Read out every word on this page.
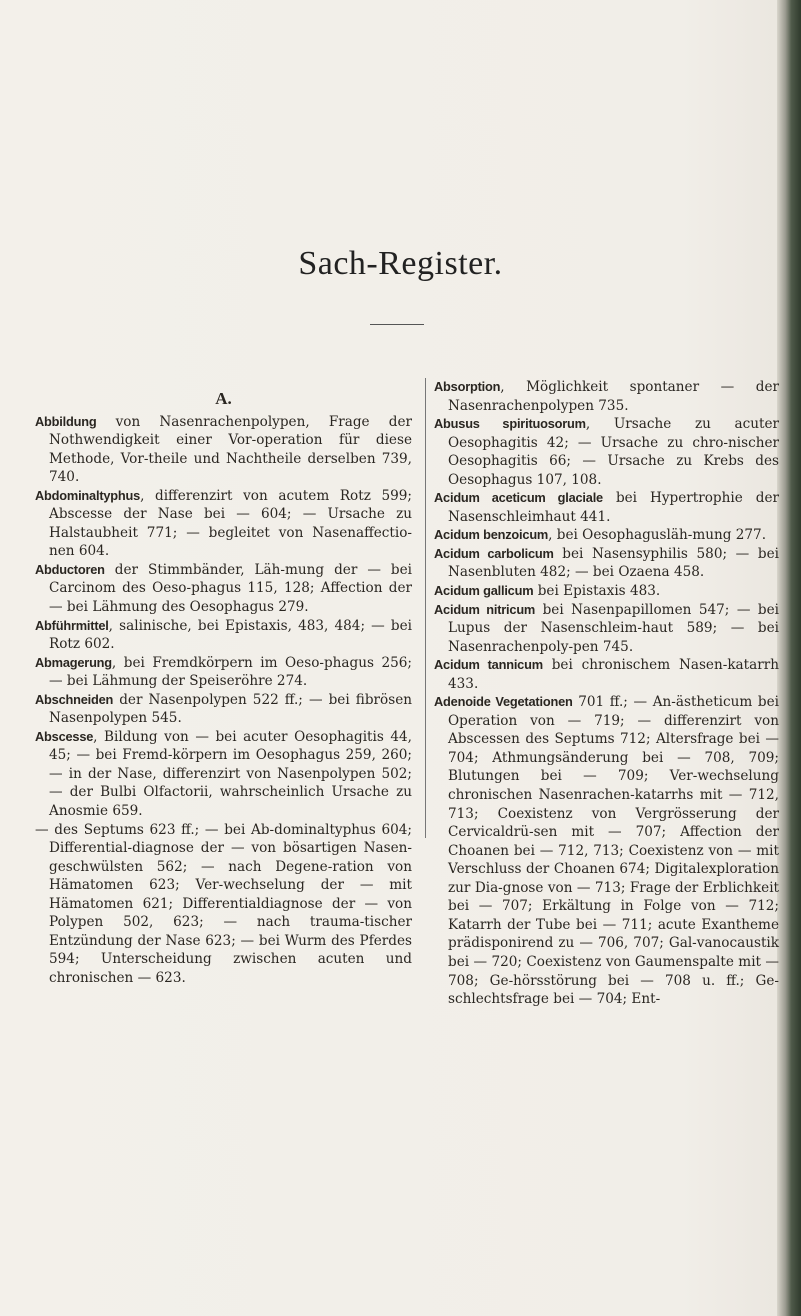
Sach-Register.
A.

Abbildung von Nasenrachenpolypen, Frage der Nothwendigkeit einer Vor-operation für diese Methode, Vor-theile und Nachtheile derselben 739, 740.

Abdominaltyphus, differenzirt von acutem Rotz 599; Abscesse der Nase bei — 604; — Ursache zu Halstaubheit 771; — begleitet von Nasenaffectio-nen 604.

Abductoren der Stimmbänder, Läh-mung der — bei Carcinom des Oeso-phagus 115, 128; Affection der — bei Lähmung des Oesophagus 279.

Abführmittel, salinische, bei Epistaxis, 483, 484; — bei Rotz 602.

Abmagerung, bei Fremdkörpern im Oeso-phagus 256; — bei Lähmung der Speiseröhre 274.

Abschneiden der Nasenpolypen 522 ff.; — bei fibrösen Nasenpolypen 545.

Abscesse, Bildung von — bei acuter Oesophagitis 44, 45; — bei Fremd-körpern im Oesophagus 259, 260; — in der Nase, differenzirt von Nasenpolypen 502; — der Bulbi Olfactorii, wahrscheinlich Ursache zu Anosmie 659.

— des Septums 623 ff.; — bei Ab-dominaltyphus 604; Differential-diagnose der — von bösartigen Nasen-geschwülsten 562; — nach Degene-ration von Hämatomen 623; Ver-wechselung der — mit Hämatomen 621; Differentialdiagnose der — von Polypen 502, 623; — nach trauma-tischer Entzündung der Nase 623; — bei Wurm des Pferdes 594; Unterscheidung zwischen acuten und chronischen — 623.

Absorption, Möglichkeit spontaner — der Nasenrachenpolypen 735.

Abusus spirituosorum, Ursache zu acuter Oesophagitis 42; — Ursache zu chro-nischer Oesophagitis 66; — Ursache zu Krebs des Oesophagus 107, 108.

Acidum aceticum glaciale bei Hypertrophie der Nasenschleimhaut 441.

Acidum benzoicum, bei Oesophagusläh-mung 277.

Acidum carbolicum bei Nasensyphilis 580; — bei Nasenbluten 482; — bei Ozaena 458.

Acidum gallicum bei Epistaxis 483.

Acidum nitricum bei Nasenpapillomen 547; — bei Lupus der Nasenschleim-haut 589; — bei Nasenrachenpoly-pen 745.

Acidum tannicum bei chronischem Nasen-katarrh 433.

Adenoide Vegetationen 701 ff.; — An-ästheticum bei Operation von — 719; — differenzirt von Abscessen des Septums 712; Altersfrage bei — 704; Athmungsänderung bei — 708, 709; Blutungen bei — 709; Ver-wechselung chronischen Nasenrachen-katarrhs mit — 712, 713; Coexistenz von Vergrösserung der Cervicaldrü-sen mit — 707; Affection der Choanen bei — 712, 713; Coexistenz von — mit Verschluss der Choanen 674; Digitalexploration zur Dia-gnose von — 713; Frage der Erblichkeit bei — 707; Erkältung in Folge von — 712; Katarrh der Tube bei — 711; acute Exantheme prädisponirend zu — 706, 707; Gal-vanocaustik bei — 720; Coexistenz von Gaumenspalte mit — 708; Ge-hörsstörung bei — 708 u. ff.; Ge-schlechtsfrage bei — 704; Ent-
